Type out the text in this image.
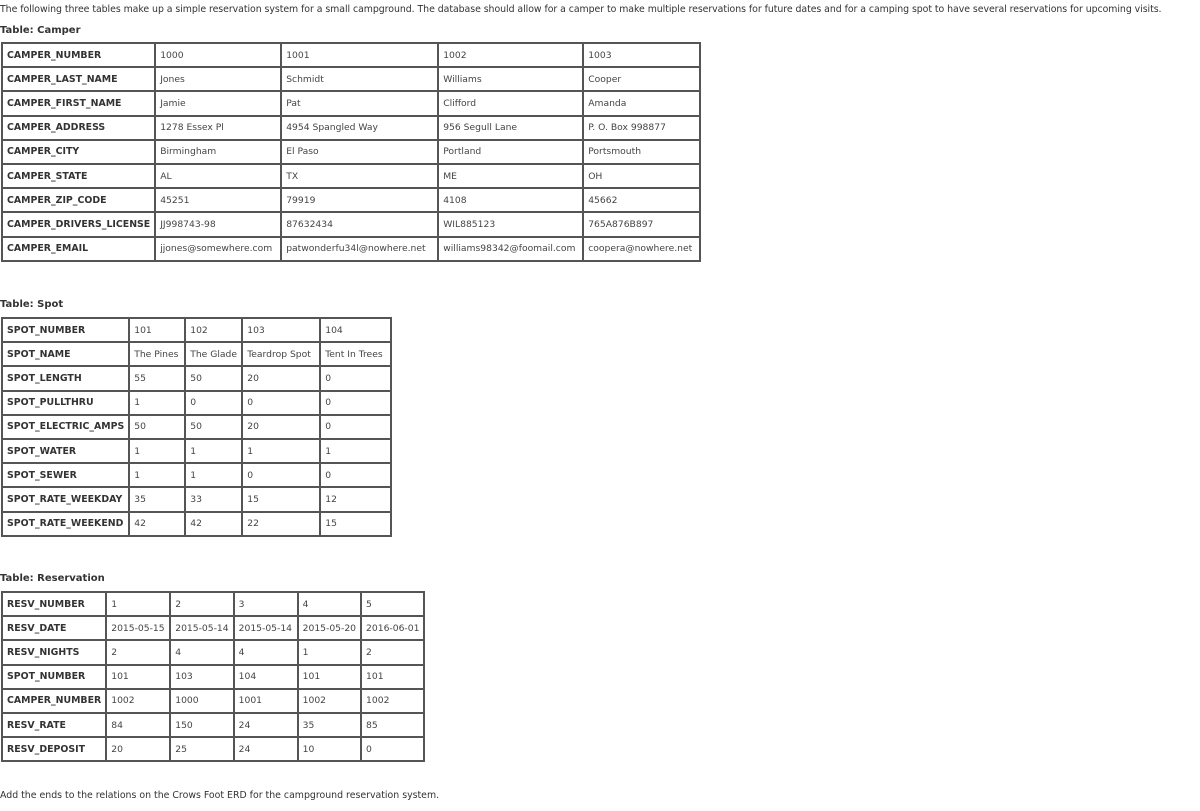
The following three tables make up a simple reservation system for a small campground. The database should allow for a camper to make multiple reservations for future dates and for a camping spot to have several reservations for upcoming visits.
Table: Camper
CAMPER_NUMBER	1000	1001	1002	1003
CAMPER_LAST_NAME	Jones	Schmidt	Williams	Cooper
CAMPER_FIRST_NAME	Jamie	Pat	Clifford	Amanda
CAMPER_ADDRESS	1278 Essex Pl	4954 Spangled Way	956 Segull Lane	P. O. Box 998877
CAMPER_CITY	Birmingham	El Paso	Portland	Portsmouth
CAMPER_STATE	AL	TX	ME	OH
CAMPER_ZIP_CODE	45251	79919	4108	45662
CAMPER_DRIVERS_LICENSE	JJ998743-98	87632434	WIL885123	765A876B897
CAMPER_EMAIL	jjones@somewhere.com	patwonderfu34l@nowhere.net	williams98342@foomail.com	coopera@nowhere.net
Table: Spot
SPOT_NUMBER	101	102	103	104
SPOT_NAME	The Pines	The Glade	Teardrop Spot	Tent In Trees
SPOT_LENGTH	55	50	20	0
SPOT_PULLTHRU	1	0	0	0
SPOT_ELECTRIC_AMPS	50	50	20	0
SPOT_WATER	1	1	1	1
SPOT_SEWER	1	1	0	0
SPOT_RATE_WEEKDAY	35	33	15	12
SPOT_RATE_WEEKEND	42	42	22	15
Table: Reservation
RESV_NUMBER	1	2	3	4	5
RESV_DATE	2015-05-15	2015-05-14	2015-05-14	2015-05-20	2016-06-01
RESV_NIGHTS	2	4	4	1	2
SPOT_NUMBER	101	103	104	101	101
CAMPER_NUMBER	1002	1000	1001	1002	1002
RESV_RATE	84	150	24	35	85
RESV_DEPOSIT	20	25	24	10	0
Add the ends to the relations on the Crows Foot ERD for the campground reservation system.
